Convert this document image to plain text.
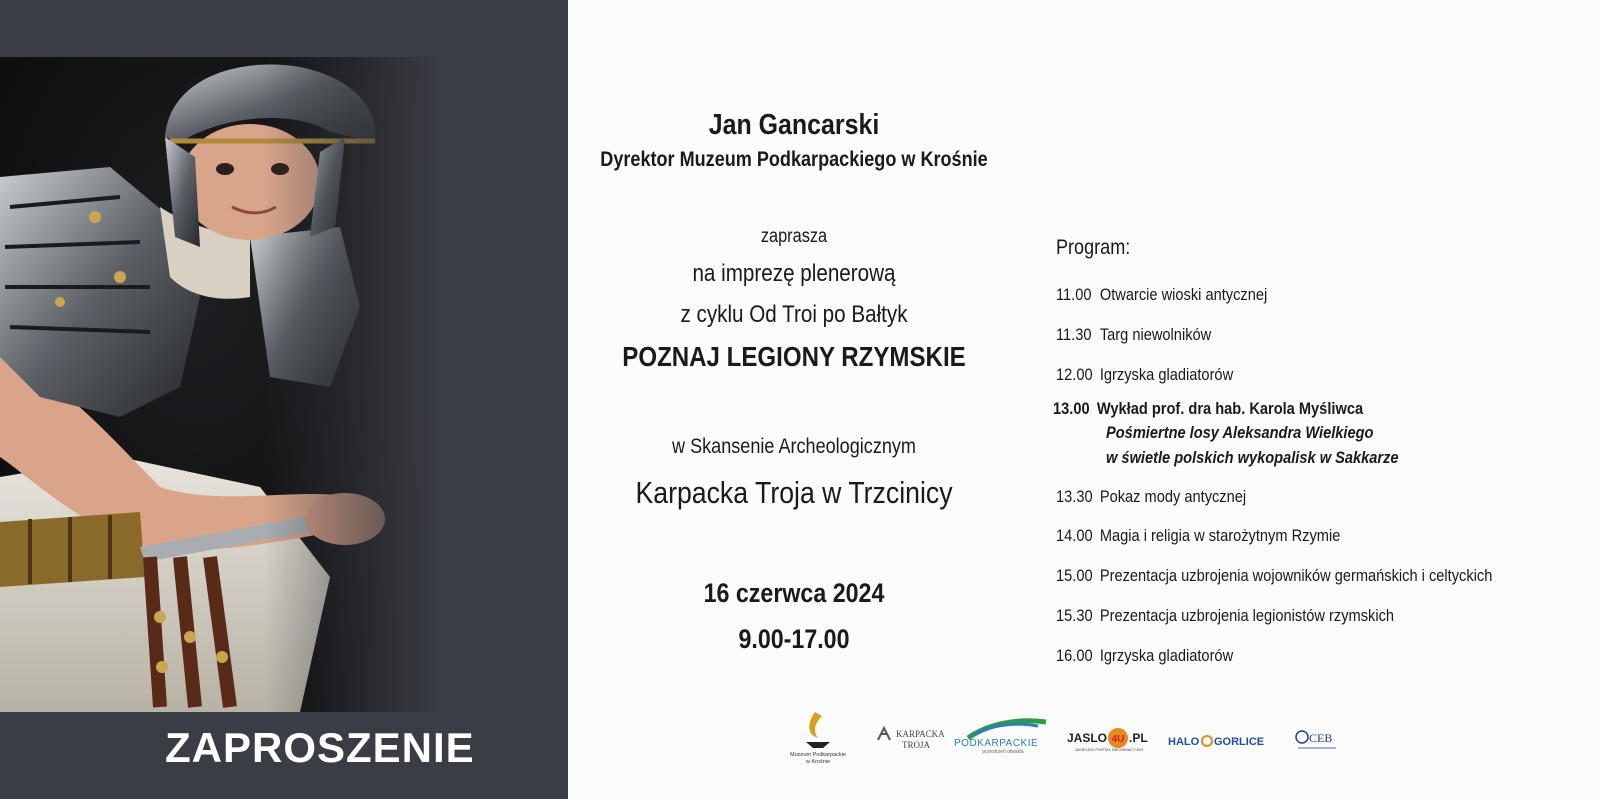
ZAPROSZENIE
Jan Gancarski
Dyrektor Muzeum Podkarpackiego w Krośnie
zaprasza
na imprezę plenerową
z cyklu Od Troi po Bałtyk
POZNAJ LEGIONY RZYMSKIE
w Skansenie Archeologicznym
Karpacka Troja w Trzcinicy
16 czerwca 2024
9.00-17.00
Program:
11.00 Otwarcie wioski antycznej
11.30 Targ niewolników
12.00 Igrzyska gladiatorów
13.00 Wykład prof. dra hab. Karola Myśliwca
Pośmiertne losy Aleksandra Wielkiego
w świetle polskich wykopalisk w Sakkarze
13.30 Pokaz mody antycznej
14.00 Magia i religia w starożytnym Rzymie
15.00 Prezentacja uzbrojenia wojowników germańskich i celtyckich
15.30 Prezentacja uzbrojenia legionistów rzymskich
16.00 Igrzyska gladiatorów
Muzeum Podkarpackie
w Krośnie
KARPACKA
TROJA PODKARPACKIE
przestrzeń otwarta
JASLO 4U .PL
JASIELSKI PORTAL INFORMACYJNY
HALO GORLICE	CEB
